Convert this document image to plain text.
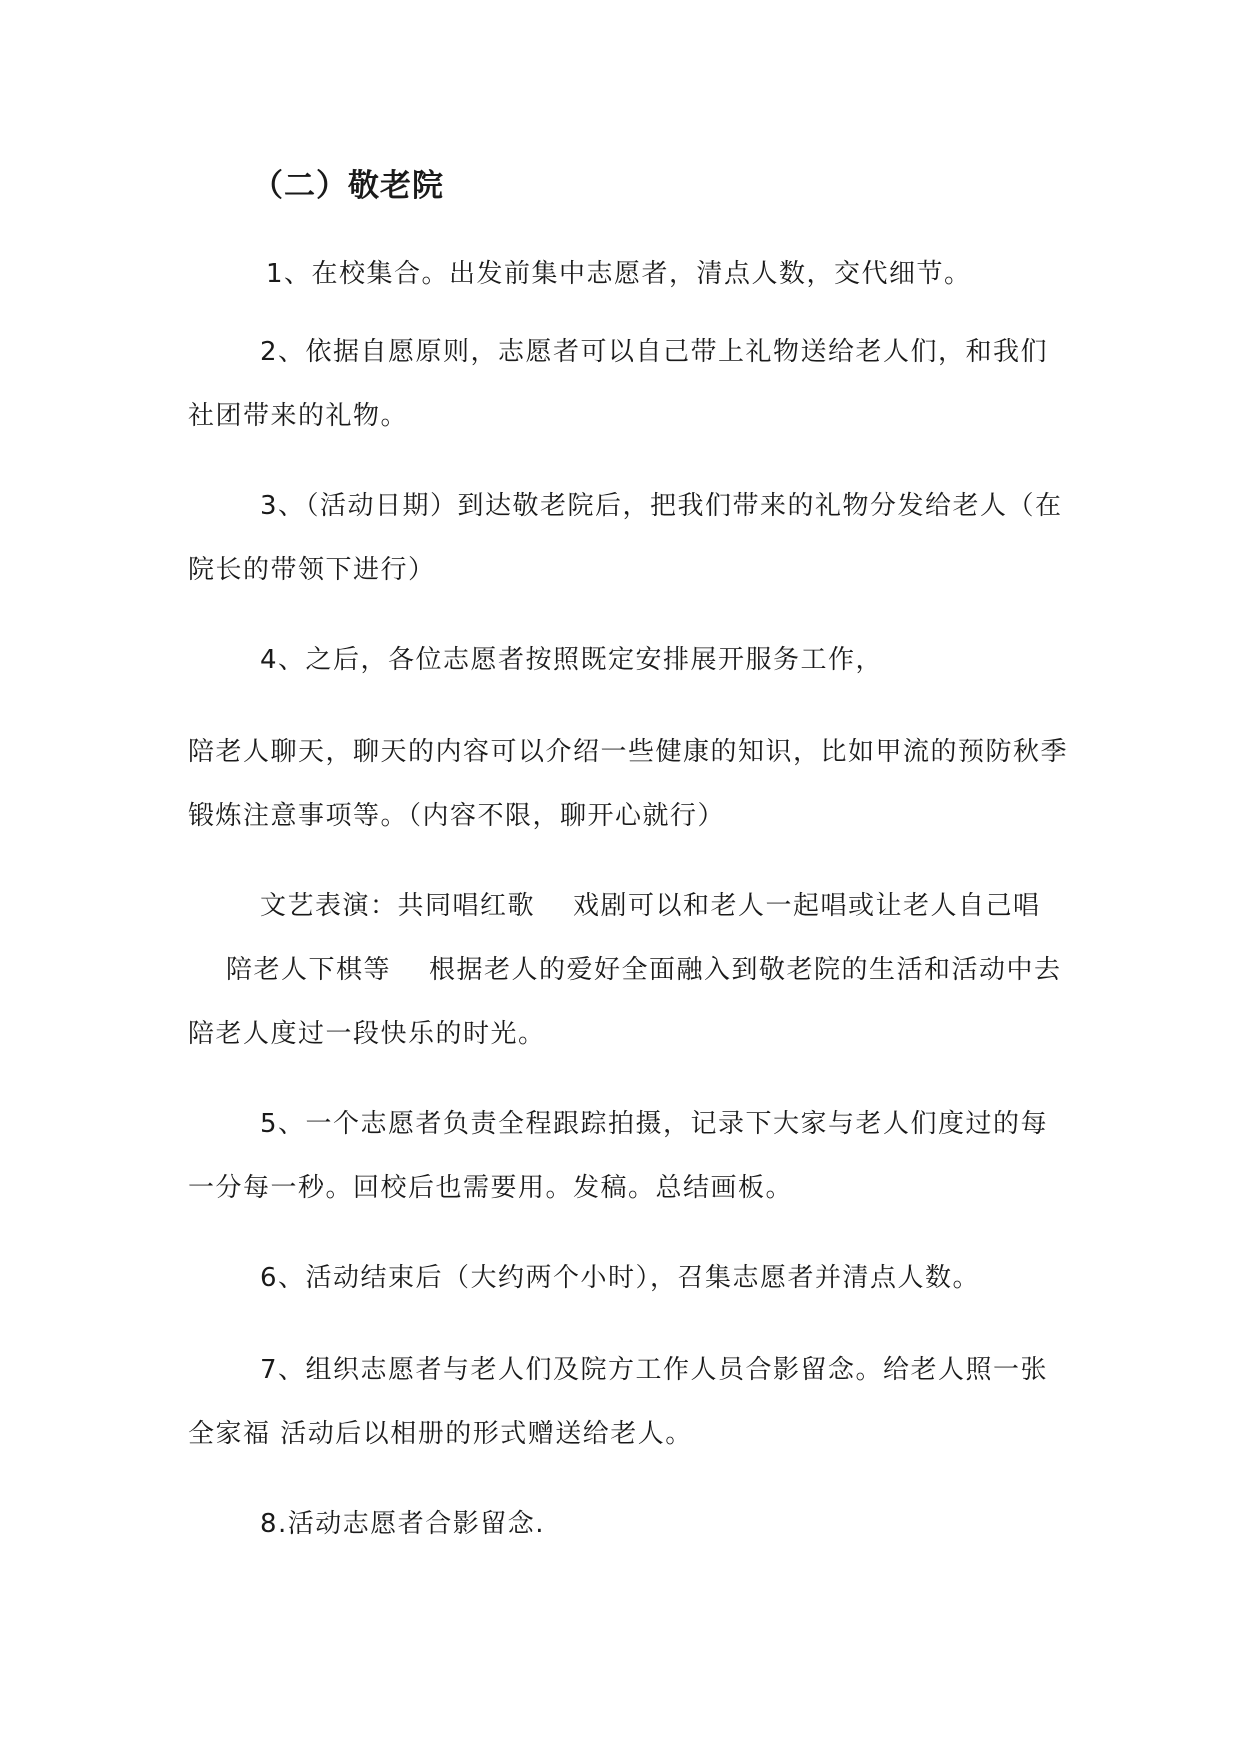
（二）敬老院
1、在校集合。出发前集中志愿者，清点人数，交代细节。
2、依据自愿原则，志愿者可以自己带上礼物送给老人们，和我们社团带来的礼物。
3、（活动日期）到达敬老院后，把我们带来的礼物分发给老人（在院长的带领下进行）
4、之后，各位志愿者按照既定安排展开服务工作，
陪老人聊天，聊天的内容可以介绍一些健康的知识，比如甲流的预防秋季锻炼注意事项等。（内容不限，聊开心就行）
文艺表演：共同唱红歌 戏剧可以和老人一起唱或让老人自己唱陪老人下棋等 根据老人的爱好全面融入到敬老院的生活和活动中去陪老人度过一段快乐的时光。
5、一个志愿者负责全程跟踪拍摄，记录下大家与老人们度过的每一分每一秒。回校后也需要用。发稿。总结画板。
6、活动结束后（大约两个小时），召集志愿者并清点人数。
7、组织志愿者与老人们及院方工作人员合影留念。给老人照一张全家福 活动后以相册的形式赠送给老人。
8.活动志愿者合影留念.
